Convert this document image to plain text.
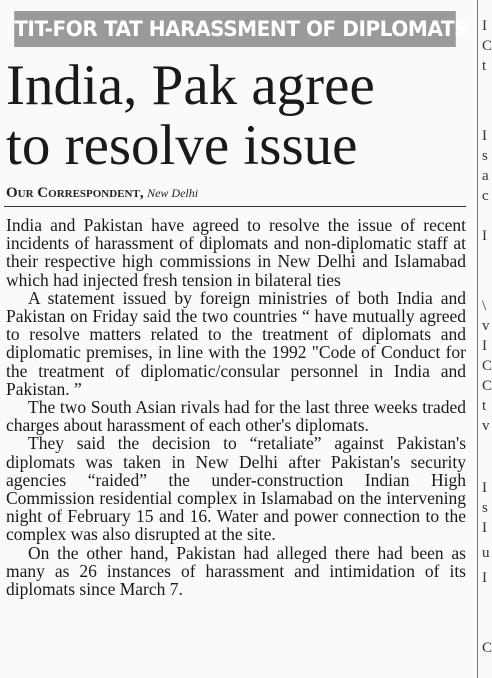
TIT-FOR TAT HARASSMENT OF DIPLOMATS
India, Pak agree
to resolve issue
Our Correspondent, New Delhi

India and Pakistan have agreed to resolve the issue of recent incidents of harassment of diplomats and non-diplomatic staff at their respective high commissions in New Delhi and Islamabad which had injected fresh tension in bilateral ties

A statement issued by foreign ministries of both India and Pakistan on Friday said the two countries “ have mutually agreed to resolve matters related to the treatment of diplomats and diplomatic premises, in line with the 1992 "Code of Conduct for the treatment of diplomatic/consular personnel in India and Pakistan. ”

The two South Asian rivals had for the last three weeks traded charges about harassment of each other's diplomats.

They said the decision to “retaliate” against Pakistan's diplomats was taken in New Delhi after Pakistan's security agencies “raided” the under-construction Indian High Commission residential complex in Islamabad on the intervening night of February 15 and 16. Water and power connection to the complex was also disrupted at the site.

On the other hand, Pakistan had alleged there had been as many as 26 instances of harassment and intimidation of its diplomats since March 7.

I
C
t
I
s
a
c
I
\
v
I
C
C
t
v
I
s
I
u
I
C
